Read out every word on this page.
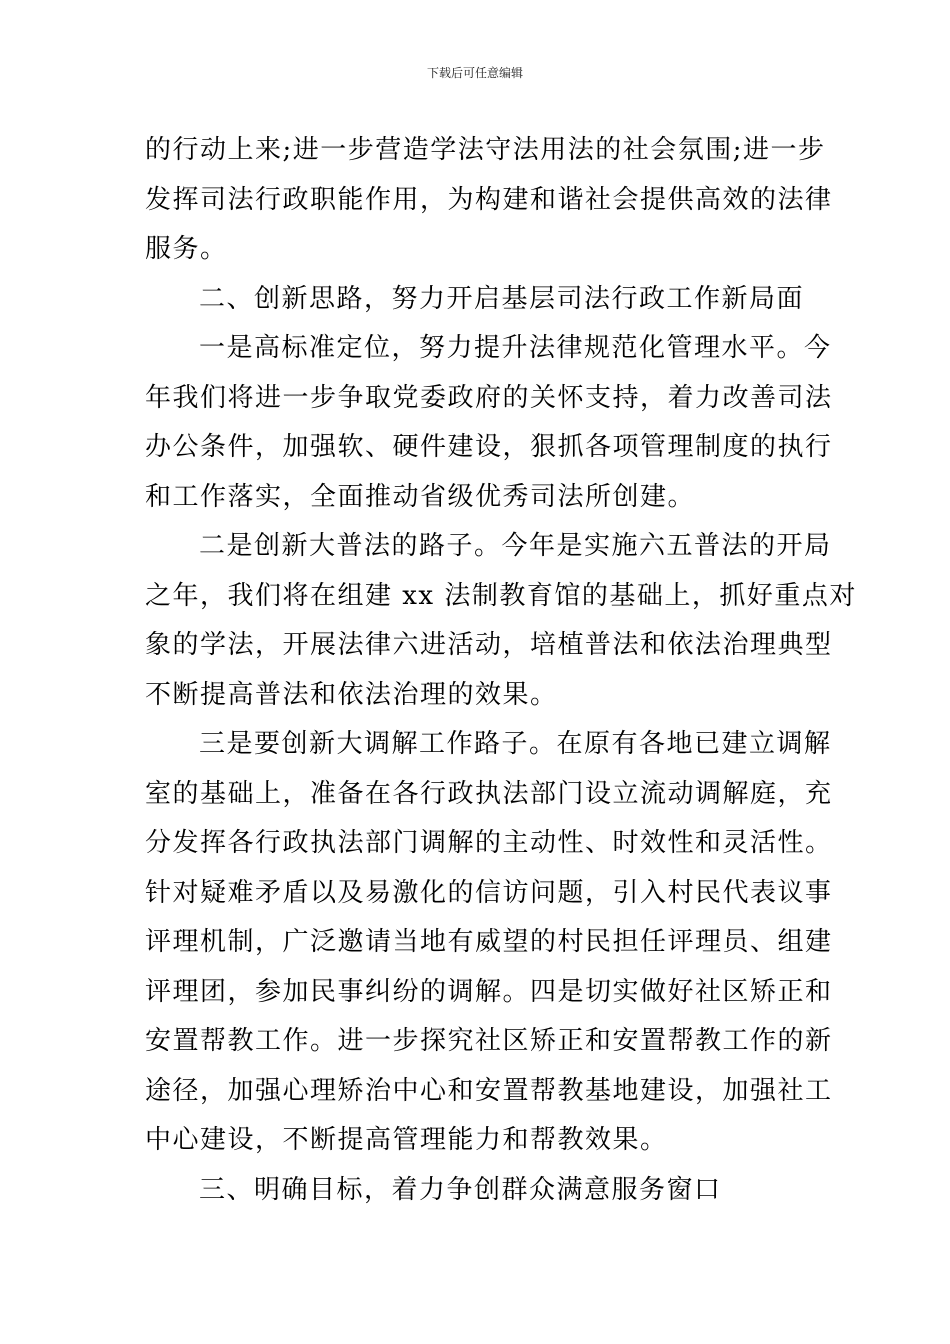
下载后可任意编辑
的行动上来;进一步营造学法守法用法的社会氛围;进一步
发挥司法行政职能作用，为构建和谐社会提供高效的法律
服务。
二、创新思路，努力开启基层司法行政工作新局面
一是高标准定位，努力提升法律规范化管理水平。今
年我们将进一步争取党委政府的关怀支持，着力改善司法
办公条件，加强软、硬件建设，狠抓各项管理制度的执行
和工作落实，全面推动省级优秀司法所创建。
二是创新大普法的路子。今年是实施六五普法的开局
之年，我们将在组建 xx 法制教育馆的基础上，抓好重点对
象的学法，开展法律六进活动，培植普法和依法治理典型
不断提高普法和依法治理的效果。
三是要创新大调解工作路子。在原有各地已建立调解
室的基础上，准备在各行政执法部门设立流动调解庭，充
分发挥各行政执法部门调解的主动性、时效性和灵活性。
针对疑难矛盾以及易激化的信访问题，引入村民代表议事
评理机制，广泛邀请当地有威望的村民担任评理员、组建
评理团，参加民事纠纷的调解。四是切实做好社区矫正和
安置帮教工作。进一步探究社区矫正和安置帮教工作的新
途径，加强心理矫治中心和安置帮教基地建设，加强社工
中心建设，不断提高管理能力和帮教效果。
三、明确目标，着力争创群众满意服务窗口
